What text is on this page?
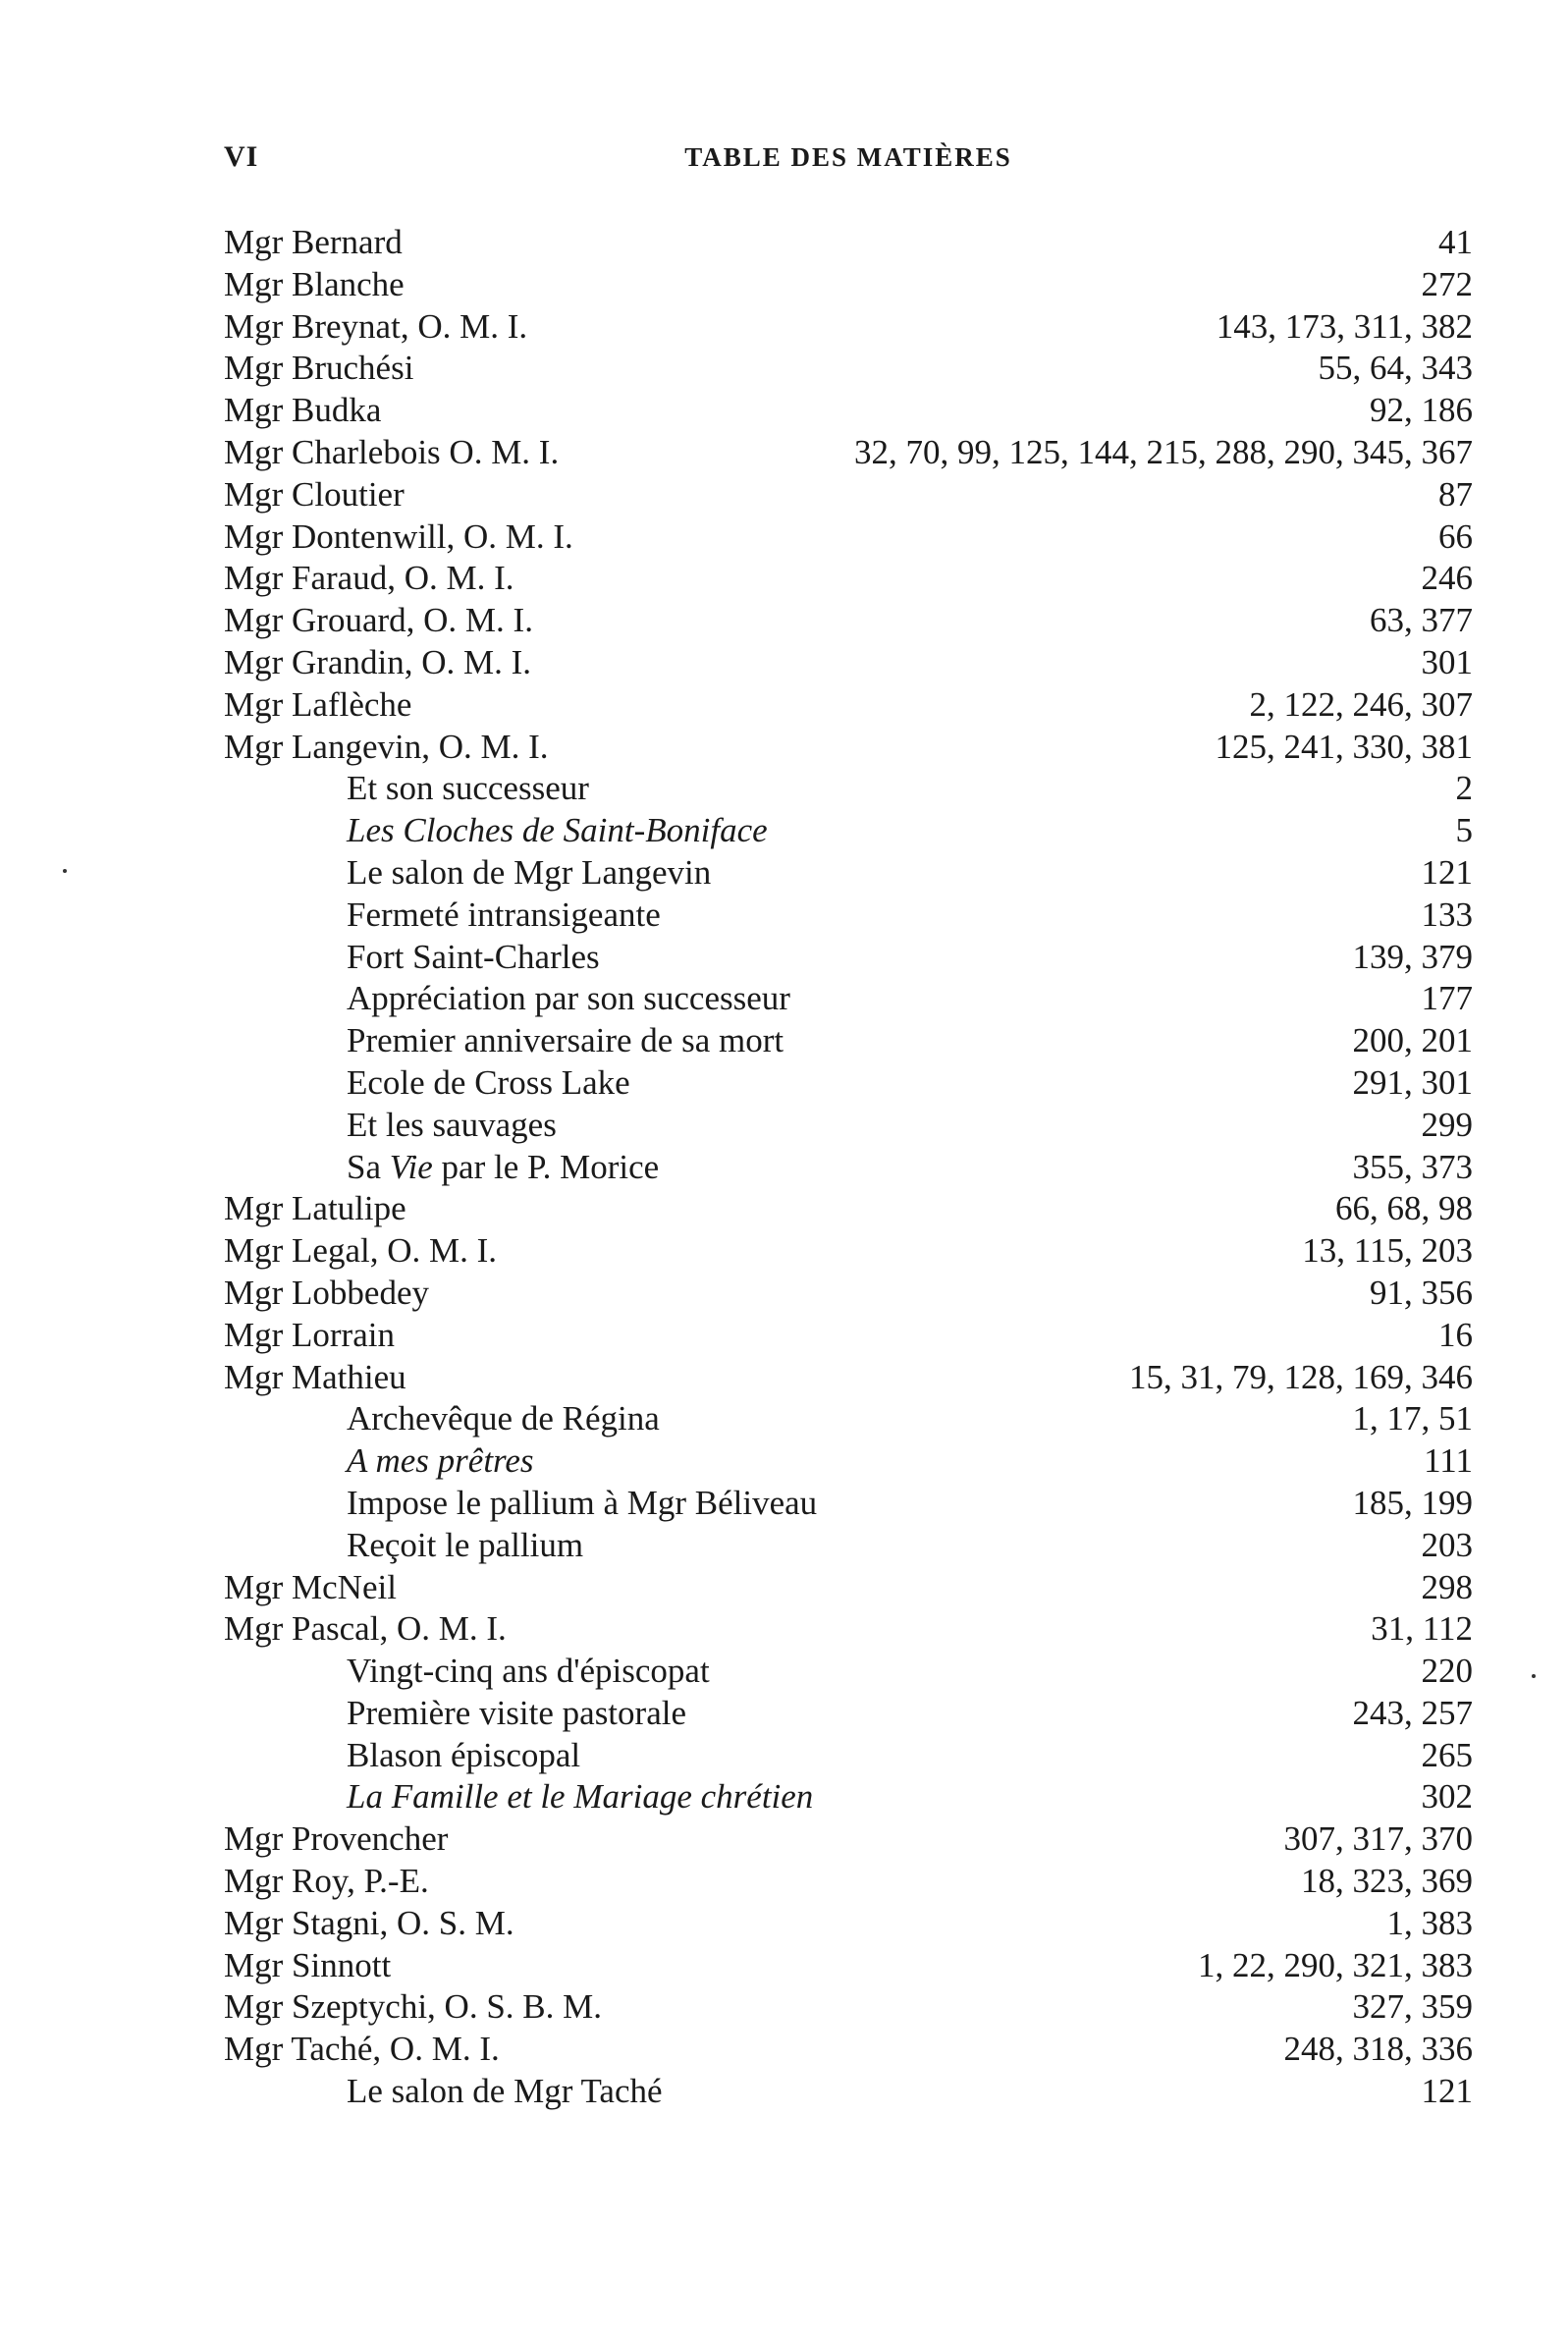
VI	TABLE DES MATIÈRES
Mgr Bernard	41
Mgr Blanche	272
Mgr Breynat, O. M. I.	143, 173, 311, 382
Mgr Bruchési	55, 64, 343
Mgr Budka	92, 186
Mgr Charlebois O. M. I.	32, 70, 99, 125, 144, 215, 288, 290, 345, 367
Mgr Cloutier	87
Mgr Dontenwill, O. M. I.	66
Mgr Faraud, O. M. I.	246
Mgr Grouard, O. M. I.	63, 377
Mgr Grandin, O. M. I.	301
Mgr Laflèche	2, 122, 246, 307
Mgr Langevin, O. M. I.	125, 241, 330, 381
Et son successeur	2
Les Cloches de Saint-Boniface	5
Le salon de Mgr Langevin	121
Fermeté intransigeante	133
Fort Saint-Charles	139, 379
Appréciation par son successeur	177
Premier anniversaire de sa mort	200, 201
Ecole de Cross Lake	291, 301
Et les sauvages	299
Sa Vie par le P. Morice	355, 373
Mgr Latulipe	66, 68, 98
Mgr Legal, O. M. I.	13, 115, 203
Mgr Lobbedey	91, 356
Mgr Lorrain	16
Mgr Mathieu	15, 31, 79, 128, 169, 346
Archevêque de Régina	1, 17, 51
A mes prêtres	111
Impose le pallium à Mgr Béliveau	185, 199
Reçoit le pallium	203
Mgr McNeil	298
Mgr Pascal, O. M. I.	31, 112
Vingt-cinq ans d'épiscopat	220
Première visite pastorale	243, 257
Blason épiscopal	265
La Famille et le Mariage chrétien	302
Mgr Provencher	307, 317, 370
Mgr Roy, P.-E.	18, 323, 369
Mgr Stagni, O. S. M.	1, 383
Mgr Sinnott	1, 22, 290, 321, 383
Mgr Szeptychi, O. S. B. M.	327, 359
Mgr Taché, O. M. I.	248, 318, 336
Le salon de Mgr Taché	121
